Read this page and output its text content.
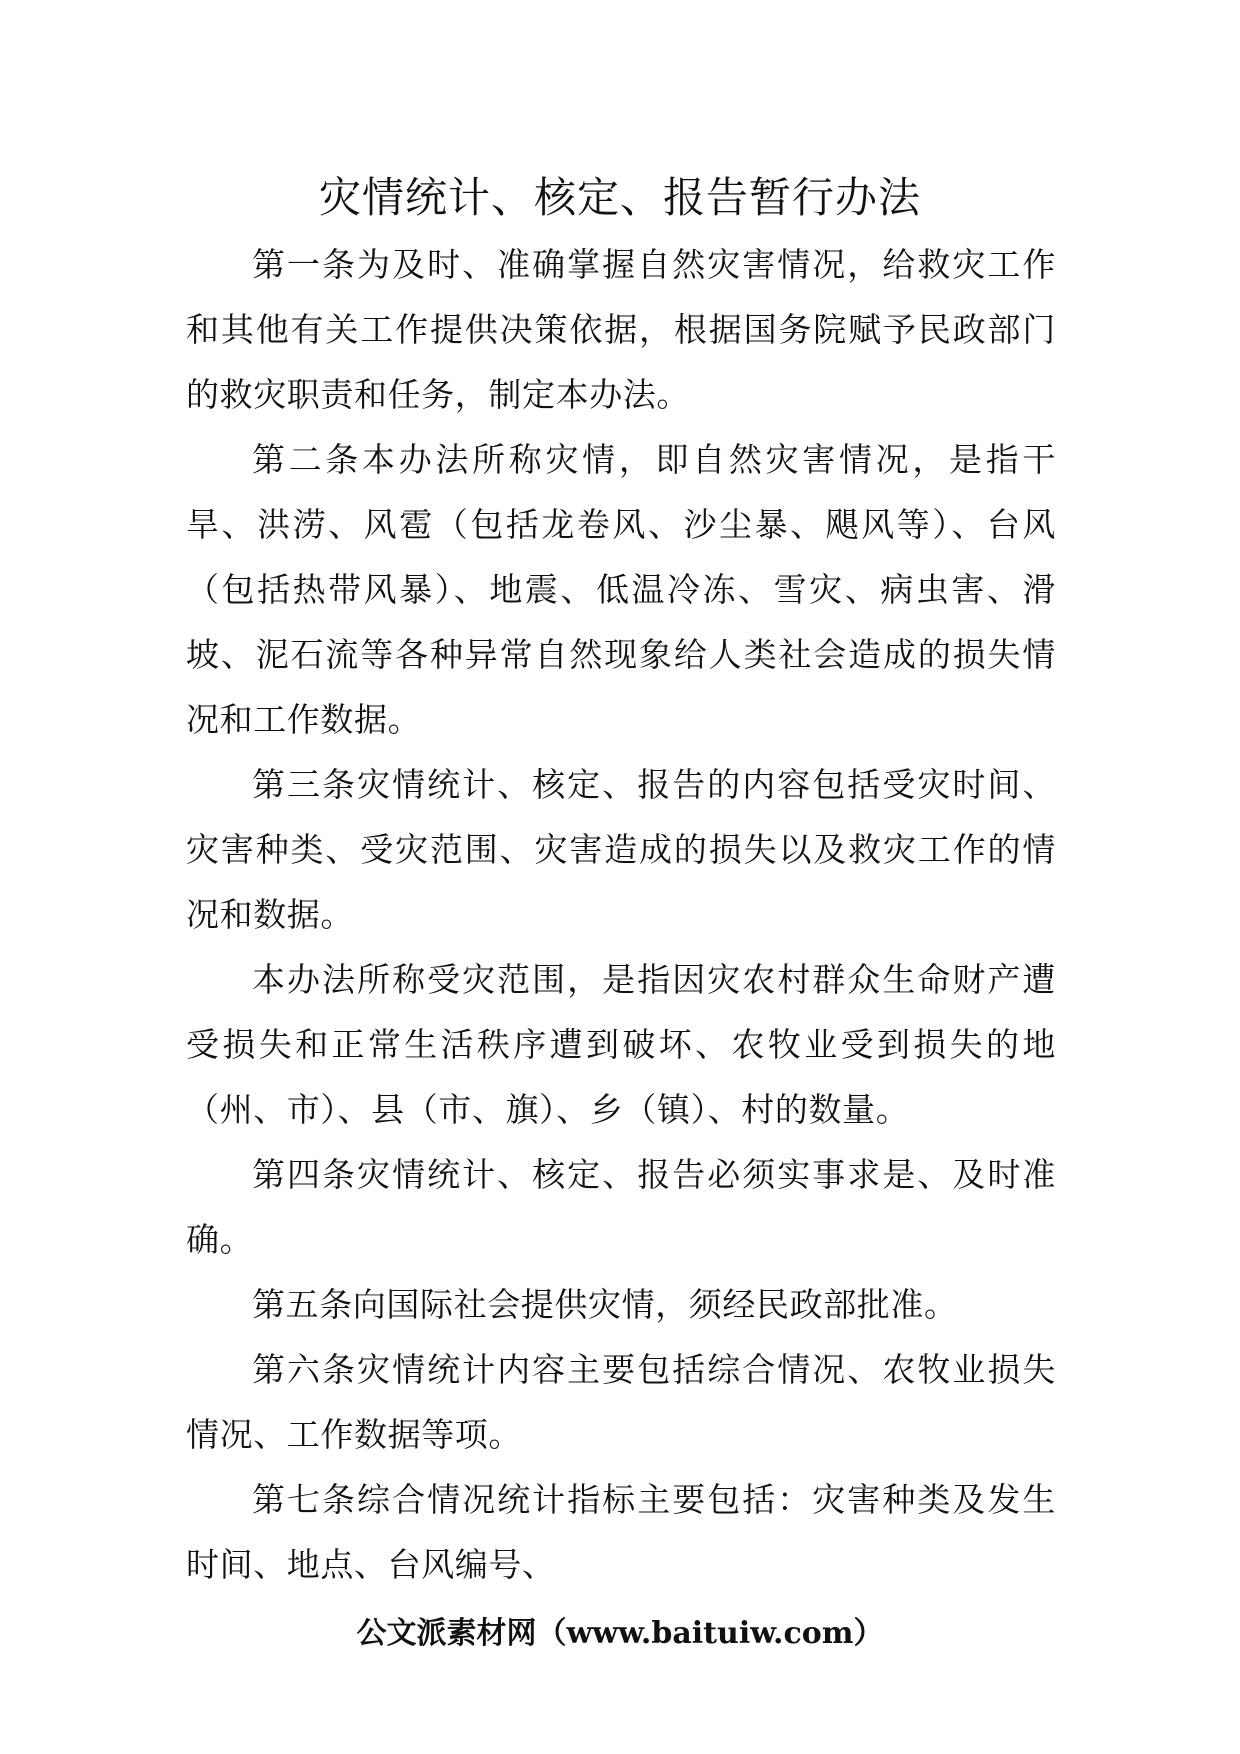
灾情统计、核定、报告暂行办法

第一条为及时、准确掌握自然灾害情况，给救灾工作和其他有关工作提供决策依据，根据国务院赋予民政部门的救灾职责和任务，制定本办法。

第二条本办法所称灾情，即自然灾害情况，是指干旱、洪涝、风雹（包括龙卷风、沙尘暴、飓风等）、台风（包括热带风暴）、地震、低温冷冻、雪灾、病虫害、滑坡、泥石流等各种异常自然现象给人类社会造成的损失情况和工作数据。

第三条灾情统计、核定、报告的内容包括受灾时间、灾害种类、受灾范围、灾害造成的损失以及救灾工作的情况和数据。

本办法所称受灾范围，是指因灾农村群众生命财产遭受损失和正常生活秩序遭到破坏、农牧业受到损失的地（州、市）、县（市、旗）、乡（镇）、村的数量。

第四条灾情统计、核定、报告必须实事求是、及时准确。

第五条向国际社会提供灾情，须经民政部批准。

第六条灾情统计内容主要包括综合情况、农牧业损失情况、工作数据等项。

第七条综合情况统计指标主要包括：灾害种类及发生时间、地点、台风编号、

公文派素材网（www.baituiw.com）
